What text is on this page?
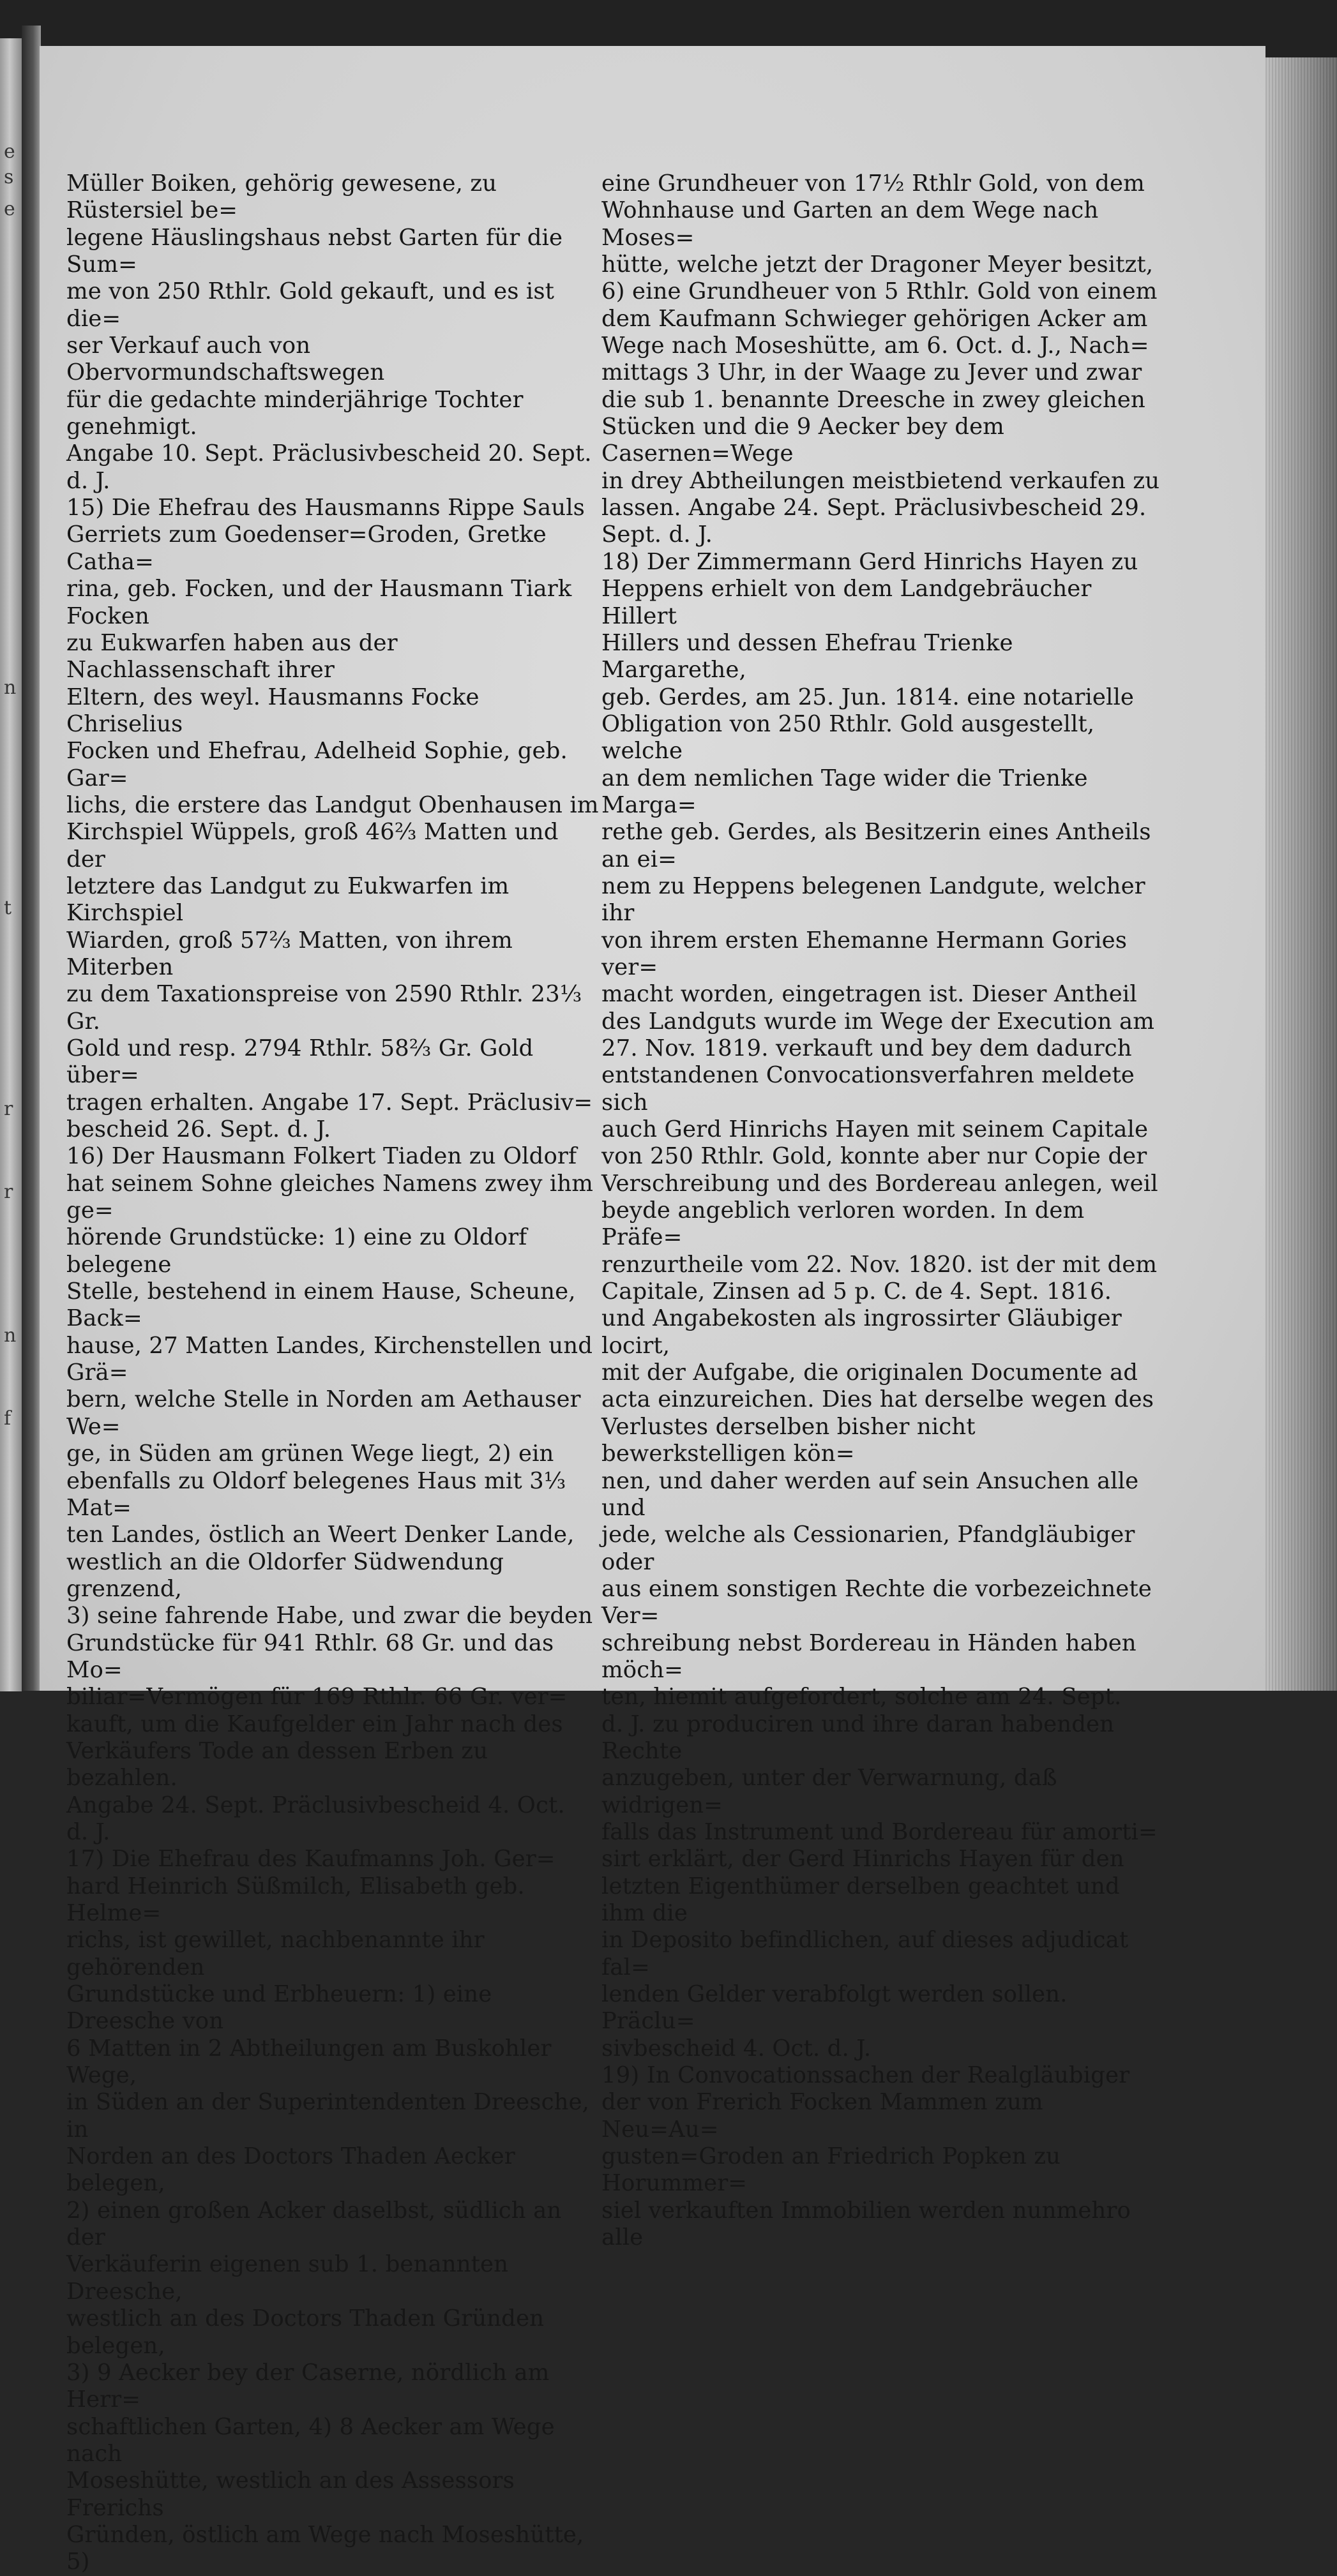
e
s
e
n
t
r
r
n
f

Müller Boiken, gehörig gewesene, zu Rüstersiel be=
legene Häuslingshaus nebst Garten für die Sum=
me von 250 Rthlr. Gold gekauft, und es ist die=
ser Verkauf auch von Obervormundschaftswegen
für die gedachte minderjährige Tochter genehmigt.
Angabe 10. Sept. Präclusivbescheid 20. Sept.
d. J.

15) Die Ehefrau des Hausmanns Rippe Sauls
Gerriets zum Goedenser=Groden, Gretke Catha=
rina, geb. Focken, und der Hausmann Tiark Focken
zu Eukwarfen haben aus der Nachlassenschaft ihrer
Eltern, des weyl. Hausmanns Focke Chriselius
Focken und Ehefrau, Adelheid Sophie, geb. Gar=
lichs, die erstere das Landgut Obenhausen im
Kirchspiel Wüppels, groß 46⅔ Matten und der
letztere das Landgut zu Eukwarfen im Kirchspiel
Wiarden, groß 57⅔ Matten, von ihrem Miterben
zu dem Taxationspreise von 2590 Rthlr. 23⅓ Gr.
Gold und resp. 2794 Rthlr. 58⅔ Gr. Gold über=
tragen erhalten. Angabe 17. Sept. Präclusiv=
bescheid 26. Sept. d. J.

16) Der Hausmann Folkert Tiaden zu Oldorf
hat seinem Sohne gleiches Namens zwey ihm ge=
hörende Grundstücke: 1) eine zu Oldorf belegene
Stelle, bestehend in einem Hause, Scheune, Back=
hause, 27 Matten Landes, Kirchenstellen und Grä=
bern, welche Stelle in Norden am Aethauser We=
ge, in Süden am grünen Wege liegt, 2) ein
ebenfalls zu Oldorf belegenes Haus mit 3⅓ Mat=
ten Landes, östlich an Weert Denker Lande,
westlich an die Oldorfer Südwendung grenzend,
3) seine fahrende Habe, und zwar die beyden
Grundstücke für 941 Rthlr. 68 Gr. und das Mo=
biliar=Vermögen für 169 Rthlr. 66 Gr. ver=
kauft, um die Kaufgelder ein Jahr nach des
Verkäufers Tode an dessen Erben zu bezahlen.
Angabe 24. Sept. Präclusivbescheid 4. Oct.
d. J.

17) Die Ehefrau des Kaufmanns Joh. Ger=
hard Heinrich Süßmilch, Elisabeth geb. Helme=
richs, ist gewillet, nachbenannte ihr gehörenden
Grundstücke und Erbheuern: 1) eine Dreesche von
6 Matten in 2 Abtheilungen am Buskohler Wege,
in Süden an der Superintendenten Dreesche, in
Norden an des Doctors Thaden Aecker belegen,
2) einen großen Acker daselbst, südlich an der
Verkäuferin eigenen sub 1. benannten Dreesche,
westlich an des Doctors Thaden Gründen belegen,
3) 9 Aecker bey der Caserne, nördlich am Herr=
schaftlichen Garten, 4) 8 Aecker am Wege nach
Moseshütte, westlich an des Assessors Frerichs
Gründen, östlich am Wege nach Moseshütte, 5)

eine Grundheuer von 17½ Rthlr Gold, von dem
Wohnhause und Garten an dem Wege nach Moses=
hütte, welche jetzt der Dragoner Meyer besitzt,
6) eine Grundheuer von 5 Rthlr. Gold von einem
dem Kaufmann Schwieger gehörigen Acker am
Wege nach Moseshütte, am 6. Oct. d. J., Nach=
mittags 3 Uhr, in der Waage zu Jever und zwar
die sub 1. benannte Dreesche in zwey gleichen
Stücken und die 9 Aecker bey dem Casernen=Wege
in drey Abtheilungen meistbietend verkaufen zu
lassen. Angabe 24. Sept. Präclusivbescheid 29.
Sept. d. J.

18) Der Zimmermann Gerd Hinrichs Hayen zu
Heppens erhielt von dem Landgebräucher Hillert
Hillers und dessen Ehefrau Trienke Margarethe,
geb. Gerdes, am 25. Jun. 1814. eine notarielle
Obligation von 250 Rthlr. Gold ausgestellt, welche
an dem nemlichen Tage wider die Trienke Marga=
rethe geb. Gerdes, als Besitzerin eines Antheils an ei=
nem zu Heppens belegenen Landgute, welcher ihr
von ihrem ersten Ehemanne Hermann Gories ver=
macht worden, eingetragen ist. Dieser Antheil
des Landguts wurde im Wege der Execution am
27. Nov. 1819. verkauft und bey dem dadurch
entstandenen Convocationsverfahren meldete sich
auch Gerd Hinrichs Hayen mit seinem Capitale
von 250 Rthlr. Gold, konnte aber nur Copie der
Verschreibung und des Bordereau anlegen, weil
beyde angeblich verloren worden. In dem Präfe=
renzurtheile vom 22. Nov. 1820. ist der mit dem
Capitale, Zinsen ad 5 p. C. de 4. Sept. 1816.
und Angabekosten als ingrossirter Gläubiger locirt,
mit der Aufgabe, die originalen Documente ad
acta einzureichen. Dies hat derselbe wegen des
Verlustes derselben bisher nicht bewerkstelligen kön=
nen, und daher werden auf sein Ansuchen alle und
jede, welche als Cessionarien, Pfandgläubiger oder
aus einem sonstigen Rechte die vorbezeichnete Ver=
schreibung nebst Bordereau in Händen haben möch=
ten, hiemit aufgefordert, solche am 24. Sept.
d. J. zu produciren und ihre daran habenden Rechte
anzugeben, unter der Verwarnung, daß widrigen=
falls das Instrument und Bordereau für amorti=
sirt erklärt, der Gerd Hinrichs Hayen für den
letzten Eigenthümer derselben geachtet und ihm die
in Deposito befindlichen, auf dieses adjudicat fal=
lenden Gelder verabfolgt werden sollen. Präclu=
sivbescheid 4. Oct. d. J.

19) In Convocationssachen der Realgläubiger
der von Frerich Focken Mammen zum Neu=Au=
gusten=Groden an Friedrich Popken zu Horummer=
siel verkauften Immobilien werden nunmehro alle
